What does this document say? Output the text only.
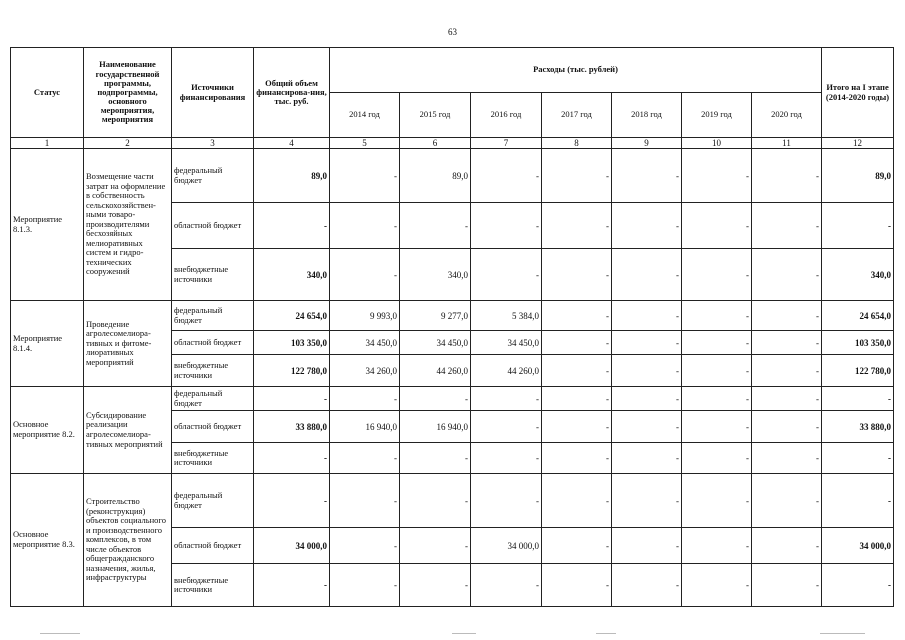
63
Статус	Наименование государственной программы, подпрограммы, основного мероприятия, мероприятия	Источники финансирования	Общий объем финансирова-ния, тыс. руб.	Расходы (тыс. рублей)							Итого на I этапе (2014-2020 годы)
				2014 год	2015 год	2016 год	2017 год	2018 год	2019 год	2020 год	
1	2	3	4	5	6	7	8	9	10	11	12
Мероприятие 8.1.3.	Возмещение части затрат на оформление в собственность сельскохозяйствен-ными товаро-производителями бесхозяйных мелиоративных систем и гидро-технических сооружений	федеральный бюджет	89,0	-	89,0	-	-	-	-	-	89,0
		областной бюджет	-	-	-	-	-	-	-	-	-
		внебюджетные источники	340,0	-	340,0	-	-	-	-	-	340,0
Мероприятие 8.1.4.	Проведение агролесомелиора-тивных и фитоме-лиоративных мероприятий	федеральный бюджет	24 654,0	9 993,0	9 277,0	5 384,0	-	-	-	-	24 654,0
		областной бюджет	103 350,0	34 450,0	34 450,0	34 450,0	-	-	-	-	103 350,0
		внебюджетные источники	122 780,0	34 260,0	44 260,0	44 260,0	-	-	-	-	122 780,0
Основное мероприятие 8.2.	Субсидирование реализации агролесомелиора-тивных мероприятий	федеральный бюджет	-	-	-	-	-	-	-	-	-
		областной бюджет	33 880,0	16 940,0	16 940,0	-	-	-	-	-	33 880,0
		внебюджетные источники	-	-	-	-	-	-	-	-	-
Основное мероприятие 8.3.	Строительство (реконструкция) объектов социального и производственного комплексов, в том числе объектов общегражданского назначения, жилья, инфраструктуры	федеральный бюджет	-	-	-	-	-	-	-	-	-
		областной бюджет	34 000,0	-	-	34 000,0	-	-	-	-	34 000,0
		внебюджетные источники	-	-	-	-	-	-	-	-	-
